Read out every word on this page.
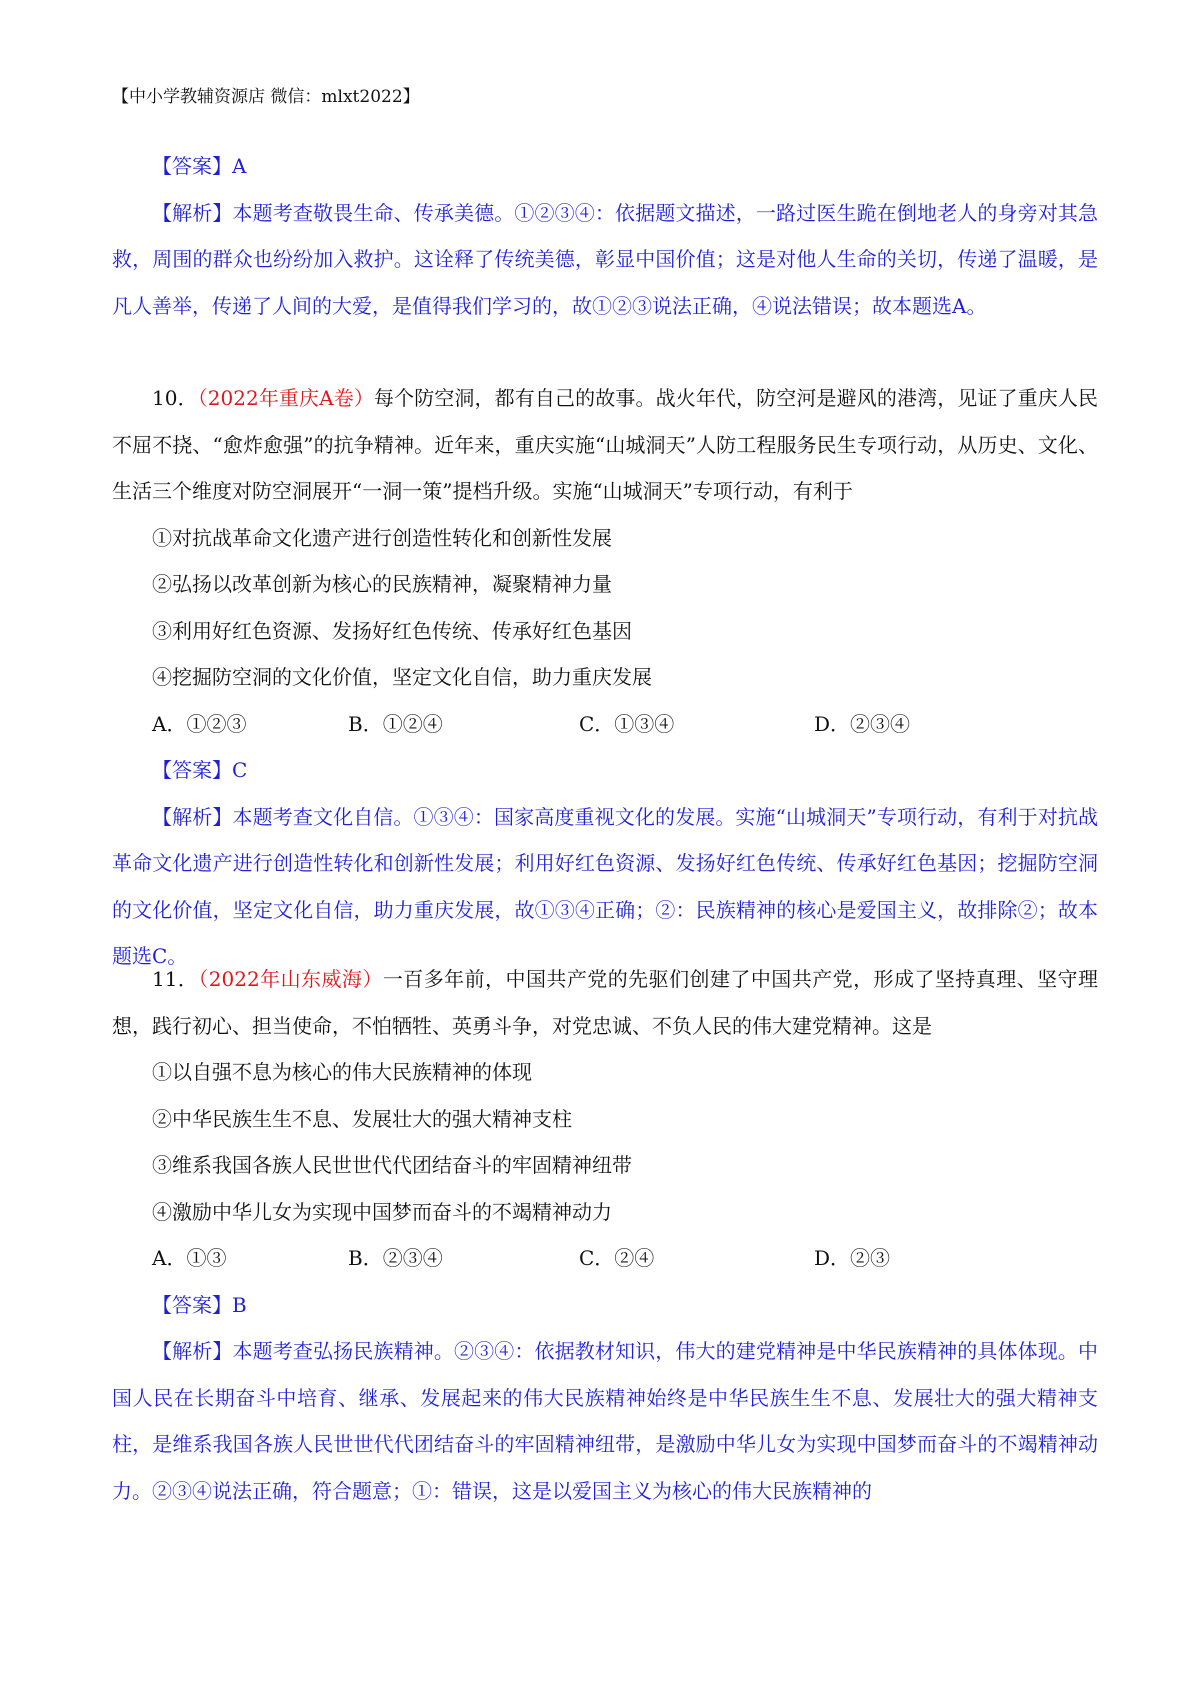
【中小学教辅资源店 微信：mlxt2022】

【答案】A

【解析】本题考查敬畏生命、传承美德。①②③④：依据题文描述，一路过医生跪在倒地老人的身旁对其急救，周围的群众也纷纷加入救护。这诠释了传统美德，彰显中国价值；这是对他人生命的关切，传递了温暖，是凡人善举，传递了人间的大爱，是值得我们学习的，故①②③说法正确，④说法错误；故本题选A。

10．（2022年重庆A卷）每个防空洞，都有自己的故事。战火年代，防空河是避风的港湾，见证了重庆人民不屈不挠、“愈炸愈强”的抗争精神。近年来，重庆实施“山城洞天”人防工程服务民生专项行动，从历史、文化、生活三个维度对防空洞展开“一洞一策”提档升级。实施“山城洞天”专项行动，有利于

①对抗战革命文化遗产进行创造性转化和创新性发展

②弘扬以改革创新为核心的民族精神，凝聚精神力量

③利用好红色资源、发扬好红色传统、传承好红色基因

④挖掘防空洞的文化价值，坚定文化自信，助力重庆发展

A．①②③	B．①②④	C．①③④	D．②③④

【答案】C

【解析】本题考查文化自信。①③④：国家高度重视文化的发展。实施“山城洞天”专项行动，有利于对抗战革命文化遗产进行创造性转化和创新性发展；利用好红色资源、发扬好红色传统、传承好红色基因；挖掘防空洞的文化价值，坚定文化自信，助力重庆发展，故①③④正确；②：民族精神的核心是爱国主义，故排除②；故本题选C。

11．（2022年山东威海）一百多年前，中国共产党的先驱们创建了中国共产党，形成了坚持真理、坚守理想，践行初心、担当使命，不怕牺牲、英勇斗争，对党忠诚、不负人民的伟大建党精神。这是

①以自强不息为核心的伟大民族精神的体现

②中华民族生生不息、发展壮大的强大精神支柱

③维系我国各族人民世世代代团结奋斗的牢固精神纽带

④激励中华儿女为实现中国梦而奋斗的不竭精神动力

A．①③	B．②③④	C．②④	D．②③

【答案】B

【解析】本题考查弘扬民族精神。②③④：依据教材知识，伟大的建党精神是中华民族精神的具体体现。中国人民在长期奋斗中培育、继承、发展起来的伟大民族精神始终是中华民族生生不息、发展壮大的强大精神支柱，是维系我国各族人民世世代代团结奋斗的牢固精神纽带，是激励中华儿女为实现中国梦而奋斗的不竭精神动力。②③④说法正确，符合题意；①：错误，这是以爱国主义为核心的伟大民族精神的
